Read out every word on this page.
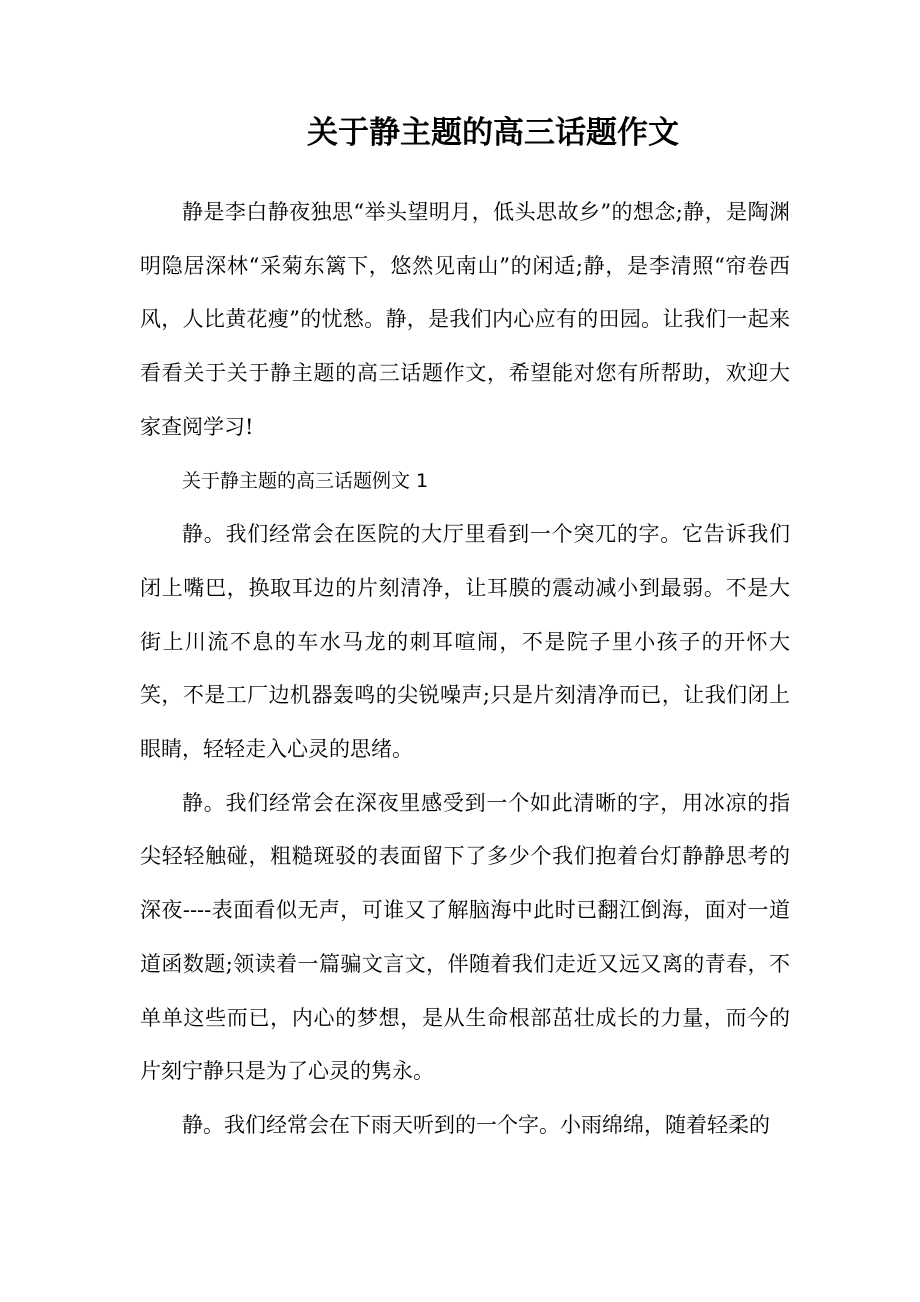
关于静主题的高三话题作文

静是李白静夜独思“举头望明月，低头思故乡”的想念;静，是陶渊明隐居深林“采菊东篱下，悠然见南山”的闲适;静，是李清照“帘卷西风，人比黄花瘦”的忧愁。静，是我们内心应有的田园。让我们一起来看看关于关于静主题的高三话题作文，希望能对您有所帮助，欢迎大家查阅学习!

关于静主题的高三话题例文 1

静。我们经常会在医院的大厅里看到一个突兀的字。它告诉我们闭上嘴巴，换取耳边的片刻清净，让耳膜的震动减小到最弱。不是大街上川流不息的车水马龙的刺耳喧闹，不是院子里小孩子的开怀大笑，不是工厂边机器轰鸣的尖锐噪声;只是片刻清净而已，让我们闭上眼睛，轻轻走入心灵的思绪。

静。我们经常会在深夜里感受到一个如此清晰的字，用冰凉的指尖轻轻触碰，粗糙斑驳的表面留下了多少个我们抱着台灯静静思考的深夜----表面看似无声，可谁又了解脑海中此时已翻江倒海，面对一道道函数题;领读着一篇骗文言文，伴随着我们走近又远又离的青春，不单单这些而已，内心的梦想，是从生命根部茁壮成长的力量，而今的片刻宁静只是为了心灵的隽永。

静。我们经常会在下雨天听到的一个字。小雨绵绵，随着轻柔的
